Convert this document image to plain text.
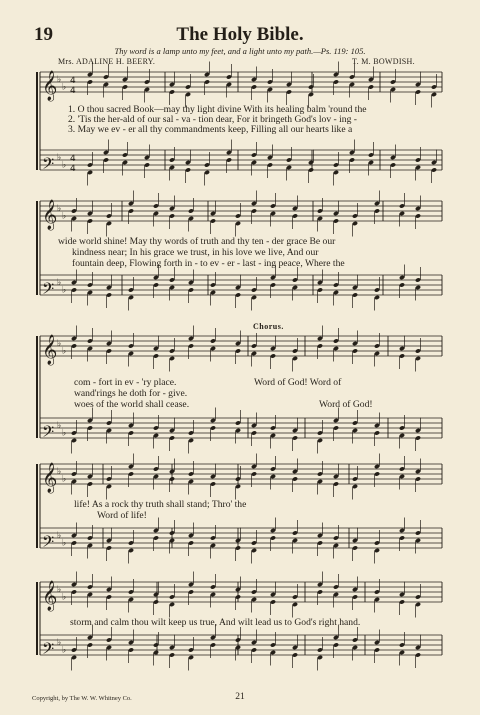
19	The Holy Bible.
Thy word is a lamp unto my feet, and a light unto my path.—Ps. 119: 105.
Mrs. ADALINE H. BEERY.	T. M. BOWDISH.
𝄞 ♭
♭
𝄢 ♭
♭
4
4
4
4
𝄞 ♭
♭
𝄢 ♭
♭
𝄞 ♭
♭
𝄢 ♭
♭
𝄞 ♭
♭
𝄢 ♭
♭
𝄞 ♭
♭
𝄢 ♭
♭
1. O thou sacred Book—may thy light divine With its healing balm 'round the
2. 'Tis the her-ald of our sal - va - tion dear, For it bringeth God's lov - ing -
3. May we ev - er all thy commandments keep, Filling all our hearts like a
wide world shine! May thy words of truth and thy ten - der grace Be our
kindness near; In his grace we trust, in his love we live, And our
fountain deep, Flowing forth in - to ev - er - last - ing peace, Where the
Chorus.
com - fort in ev - 'ry place.
wand'rings he doth for - give.
woes of the world shall cease.
Word of God! Word of
Word of God!
life! As a rock thy truth shall stand; Thro' the
Word of life!
storm and calm thou wilt keep us true, And wilt lead us to God's right hand.
Copyright, by The W. W. Whitney Co.	21
